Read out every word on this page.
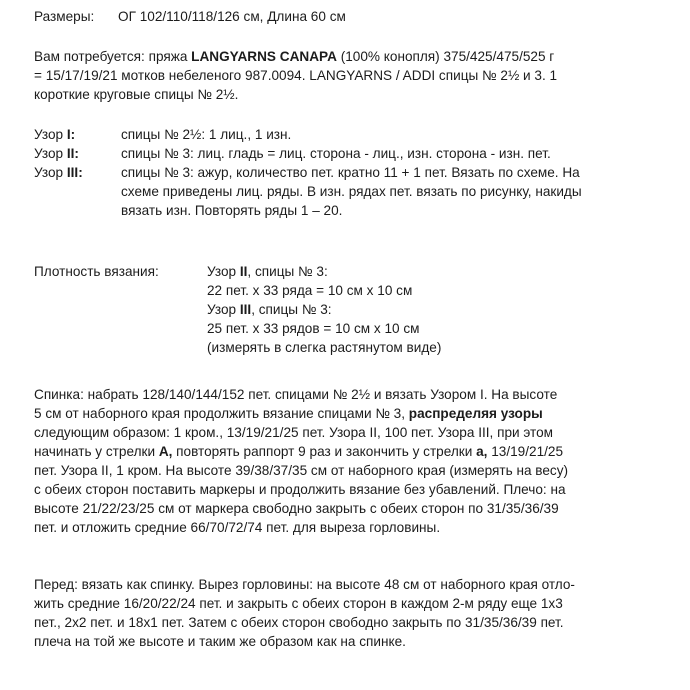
Размеры: ОГ 102/110/118/126 см, Длина 60 см
Вам потребуется: пряжа LANGYARNS CANAPA (100% конопля) 375/425/475/525 г
= 15/17/19/21 мотков небеленого 987.0094. LANGYARNS / ADDI спицы № 2½ и 3. 1
короткие круговые спицы № 2½.
Узор I:	спицы № 2½: 1 лиц., 1 изн.
Узор II:	спицы № 3: лиц. гладь = лиц. сторона - лиц., изн. сторона - изн. пет.
Узор III:	спицы № 3: ажур, количество пет. кратно 11 + 1 пет. Вязать по схеме. На
схеме приведены лиц. ряды. В изн. рядах пет. вязать по рисунку, накиды
вязать изн. Повторять ряды 1 – 20.
Плотность вязания:	Узор II, спицы № 3:
22 пет. х 33 ряда = 10 см х 10 см
Узор III, спицы № 3:
25 пет. х 33 рядов = 10 см х 10 см
(измерять в слегка растянутом виде)
Спинка: набрать 128/140/144/152 пет. спицами № 2½ и вязать Узором I. На высоте
5 см от наборного края продолжить вязание спицами № 3, распределяя узоры
следующим образом: 1 кром., 13/19/21/25 пет. Узора II, 100 пет. Узора III, при этом
начинать у стрелки А, повторять раппорт 9 раз и закончить у стрелки а, 13/19/21/25
пет. Узора II, 1 кром. На высоте 39/38/37/35 см от наборного края (измерять на весу)
с обеих сторон поставить маркеры и продолжить вязание без убавлений. Плечо: на
высоте 21/22/23/25 см от маркера свободно закрыть с обеих сторон по 31/35/36/39
пет. и отложить средние 66/70/72/74 пет. для выреза горловины.
Перед: вязать как спинку. Вырез горловины: на высоте 48 см от наборного края отло-
жить средние 16/20/22/24 пет. и закрыть с обеих сторон в каждом 2-м ряду еще 1х3
пет., 2х2 пет. и 18х1 пет. Затем с обеих сторон свободно закрыть по 31/35/36/39 пет.
плеча на той же высоте и таким же образом как на спинке.
